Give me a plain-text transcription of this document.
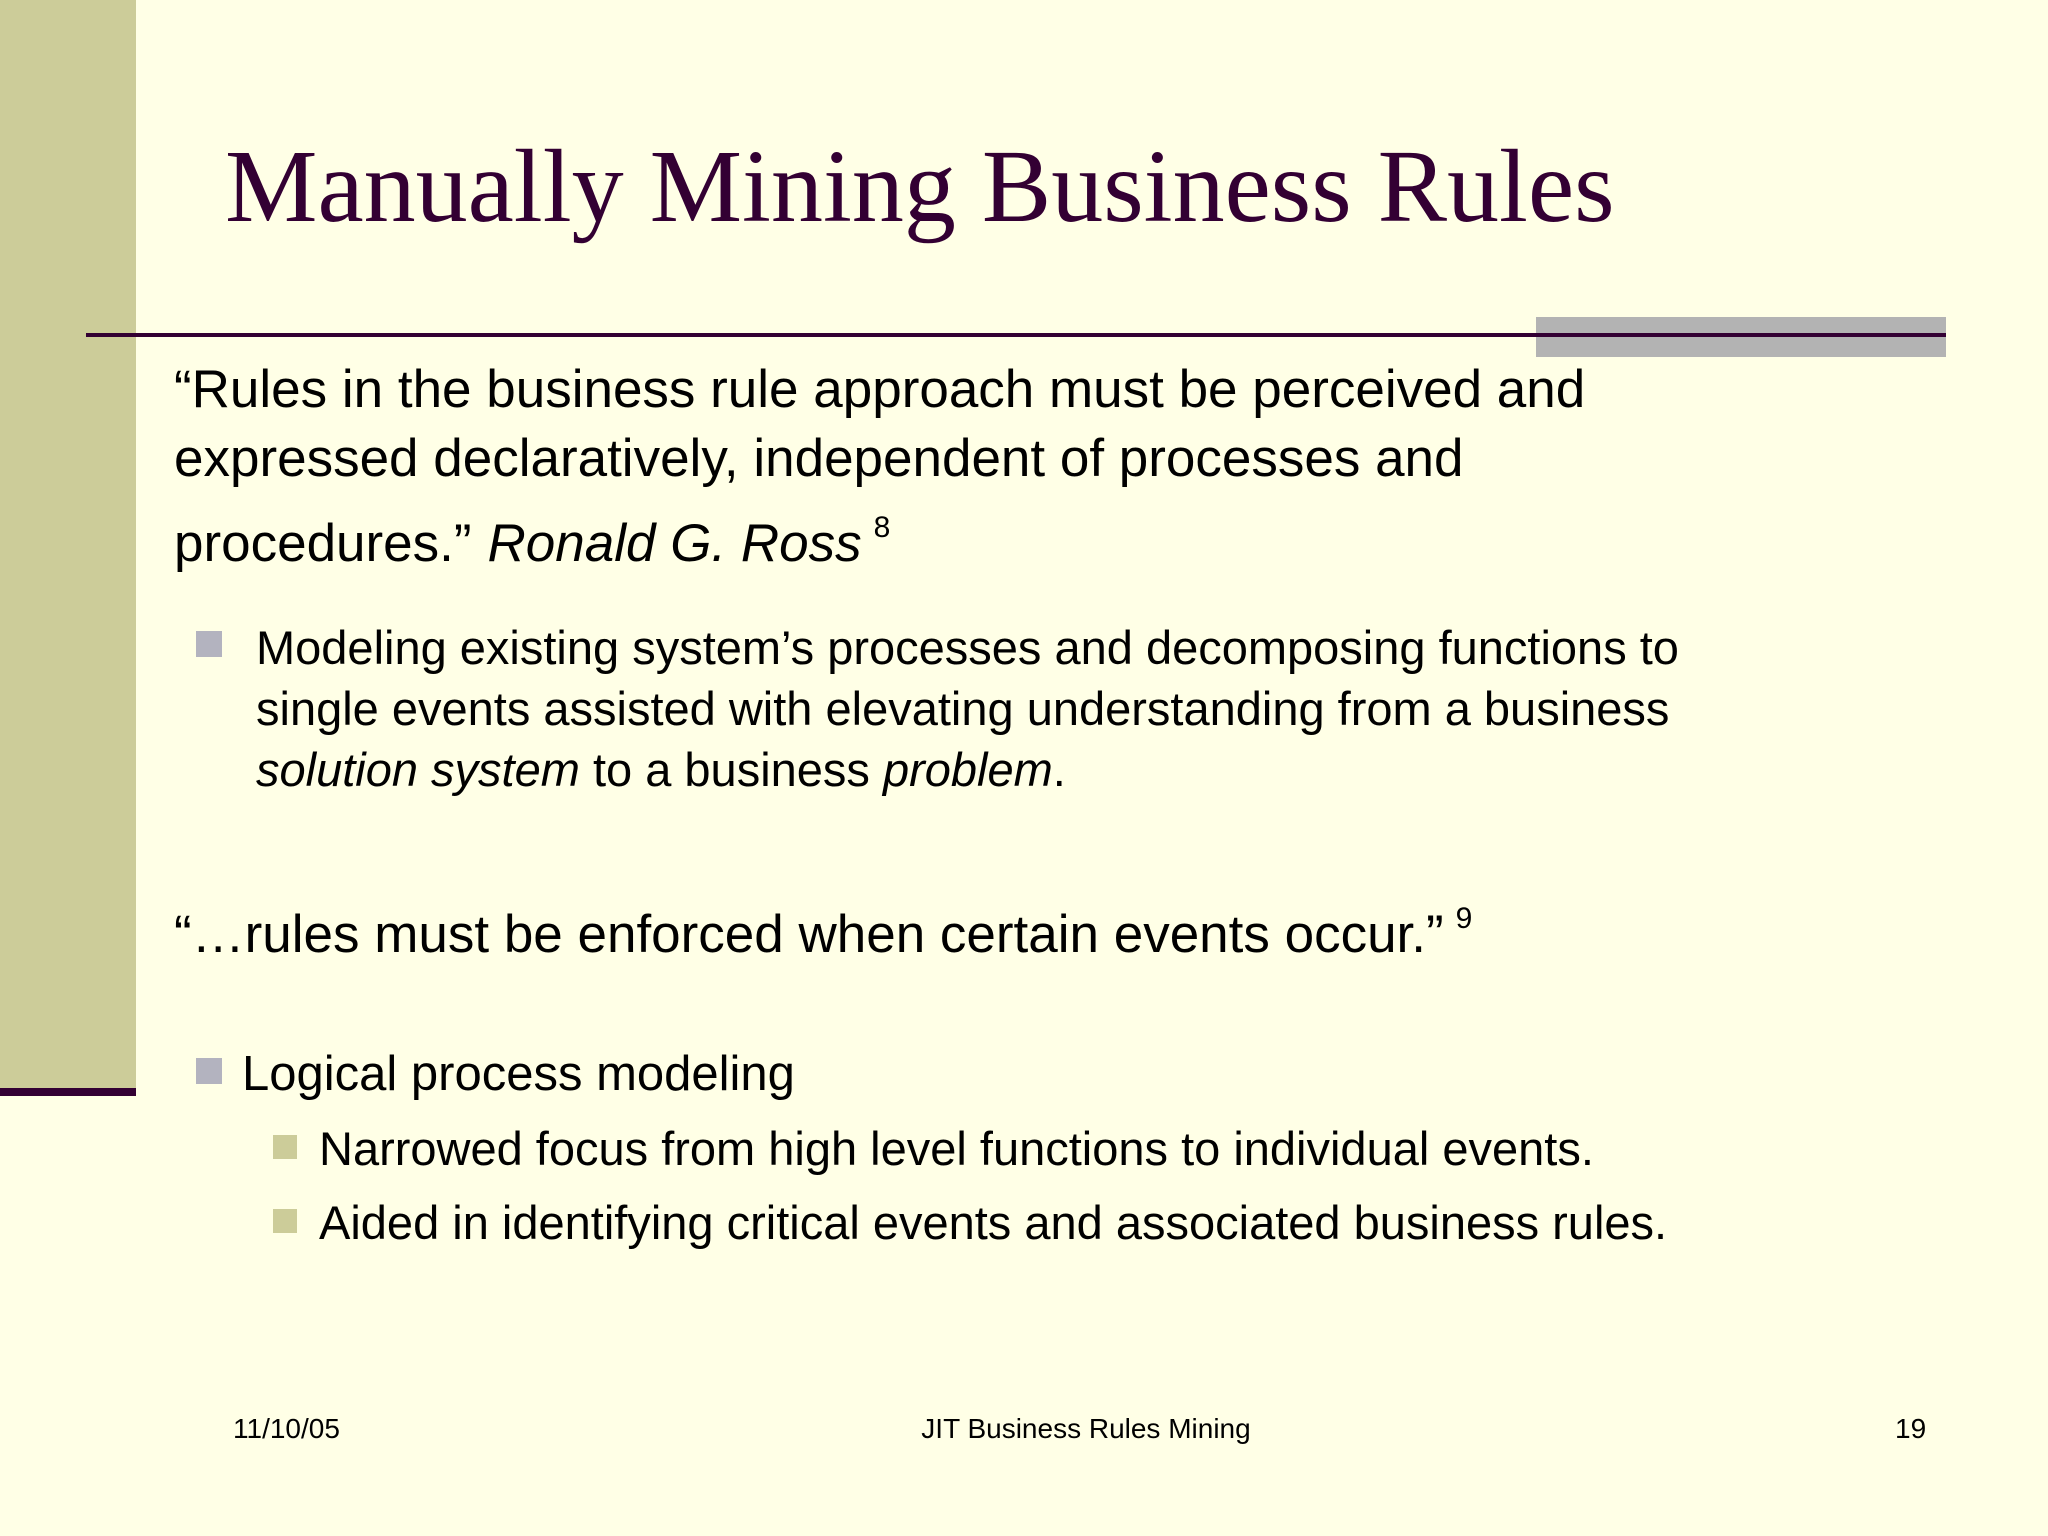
Manually Mining Business Rules
“Rules in the business rule approach must be perceived and
expressed declaratively, independent of processes and
procedures.” Ronald G. Ross $^8$
Modeling existing system’s processes and decomposing functions to
single events assisted with elevating understanding from a business
solution system to a business problem.
“…rules must be enforced when certain events occur.” $^9$
Logical process modeling
Narrowed focus from high level functions to individual events.
Aided in identifying critical events and associated business rules.
11/10/05	JIT Business Rules Mining	19
